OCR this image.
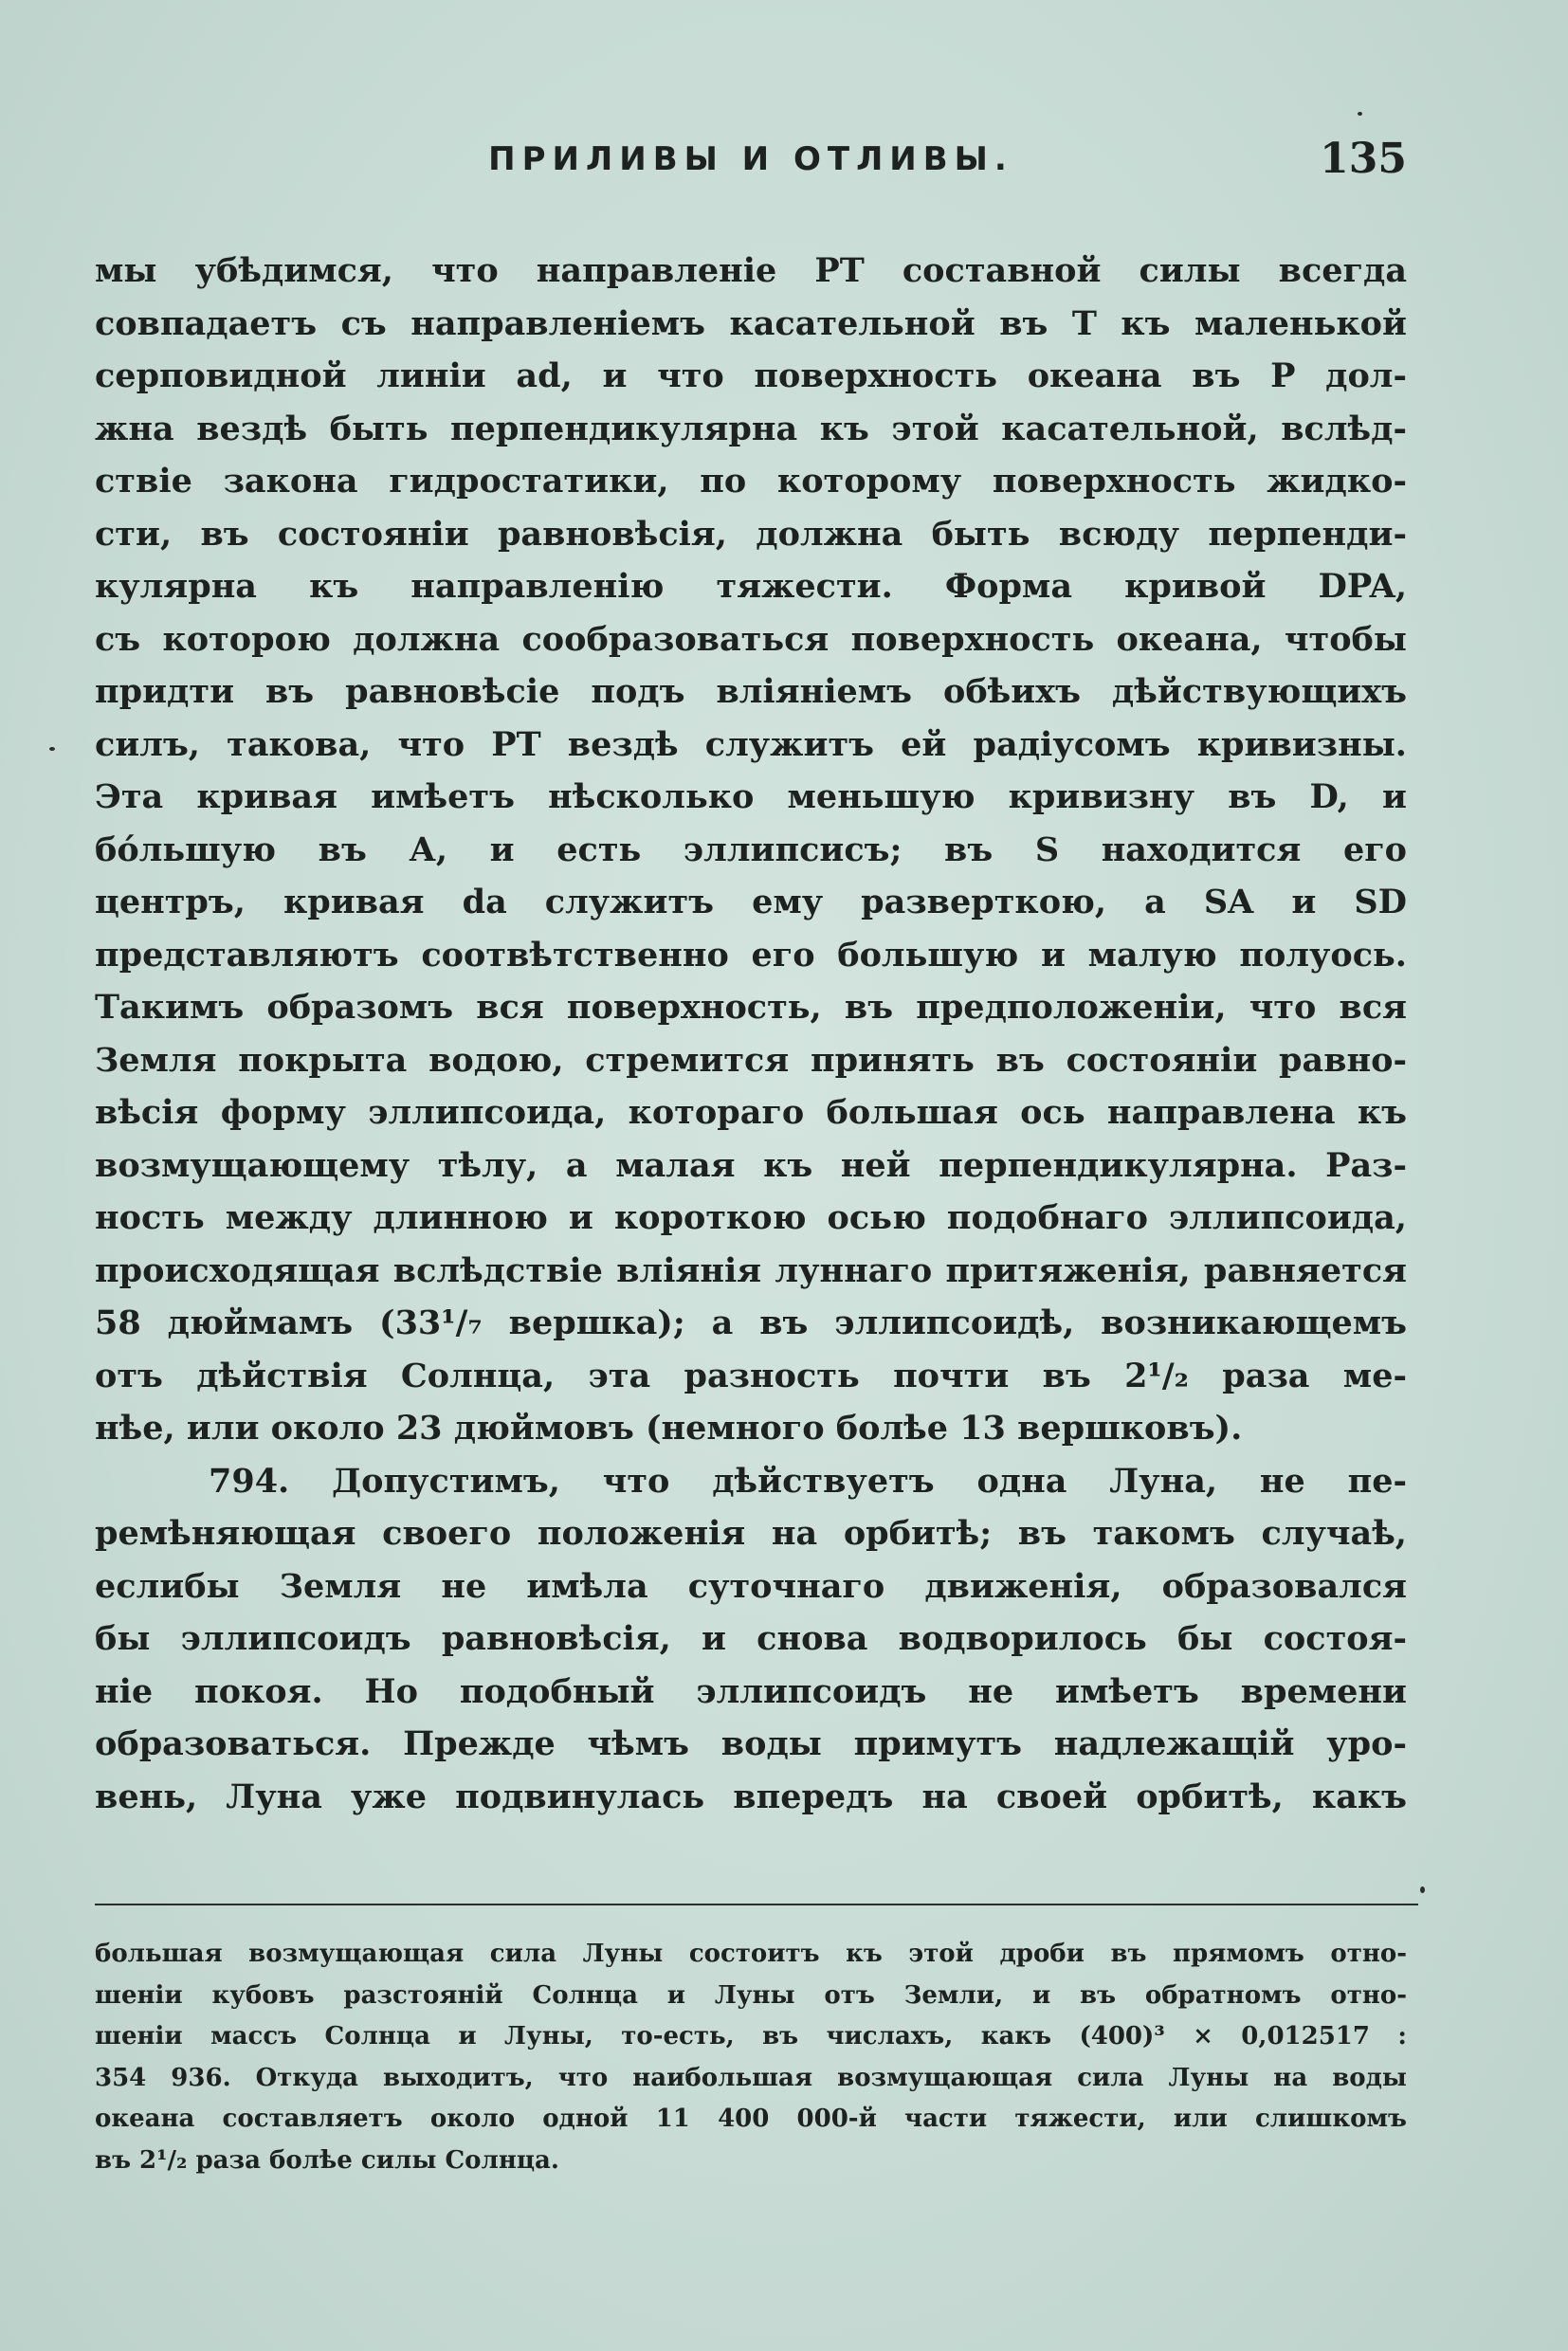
ПРИЛИВЫ И ОТЛИВЫ.	135
мы убѣдимся, что направленіе РТ составной силы всегда
совпадаетъ съ направленіемъ касательной въ Т къ маленькой
серповидной линіи ad, и что поверхность океана въ Р дол-
жна вездѣ быть перпендикулярна къ этой касательной, вслѣд-
ствіе закона гидростатики, по которому поверхность жидко-
сти, въ состояніи равновѣсія, должна быть всюду перпенди-
кулярна къ направленію тяжести. Форма кривой DPA,
съ которою должна сообразоваться поверхность океана, чтобы
придти въ равновѣсіе подъ вліяніемъ обѣихъ дѣйствующихъ
силъ, такова, что РТ вездѣ служитъ ей радіусомъ кривизны.
Эта кривая имѣетъ нѣсколько меньшую кривизну въ D, и
бóльшую въ А, и есть эллипсисъ; въ S находится его
центръ, кривая da служитъ ему разверткою, а SA и SD
представляютъ соотвѣтственно его большую и малую полуось.
Такимъ образомъ вся поверхность, въ предположеніи, что вся
Земля покрыта водою, стремится принять въ состояніи равно-
вѣсія форму эллипсоида, котораго большая ось направлена къ
возмущающему тѣлу, а малая къ ней перпендикулярна. Раз-
ность между длинною и короткою осью подобнаго эллипсоида,
происходящая вслѣдствіе вліянія луннаго притяженія, равняется
58 дюймамъ (33¹/₇ вершка); а въ эллипсоидѣ, возникающемъ
отъ дѣйствія Солнца, эта разность почти въ 2¹/₂ раза ме-
нѣе, или около 23 дюймовъ (немного болѣе 13 вершковъ).
794. Допустимъ, что дѣйствуетъ одна Луна, не пе-
ремѣняющая своего положенія на орбитѣ; въ такомъ случаѣ,
еслибы Земля не имѣла суточнаго движенія, образовался
бы эллипсоидъ равновѣсія, и снова водворилось бы состоя-
ніе покоя. Но подобный эллипсоидъ не имѣетъ времени
образоваться. Прежде чѣмъ воды примутъ надлежащій уро-
вень, Луна уже подвинулась впередъ на своей орбитѣ, какъ
большая возмущающая сила Луны состоитъ къ этой дроби въ прямомъ отно-
шеніи кубовъ разстояній Солнца и Луны отъ Земли, и въ обратномъ отно-
шеніи массъ Солнца и Луны, то-есть, въ числахъ, какъ (400)³ × 0,012517 :
354 936. Откуда выходитъ, что наибольшая возмущающая сила Луны на воды
океана составляетъ около одной 11 400 000-й части тяжести, или слишкомъ
въ 2¹/₂ раза болѣе силы Солнца.
